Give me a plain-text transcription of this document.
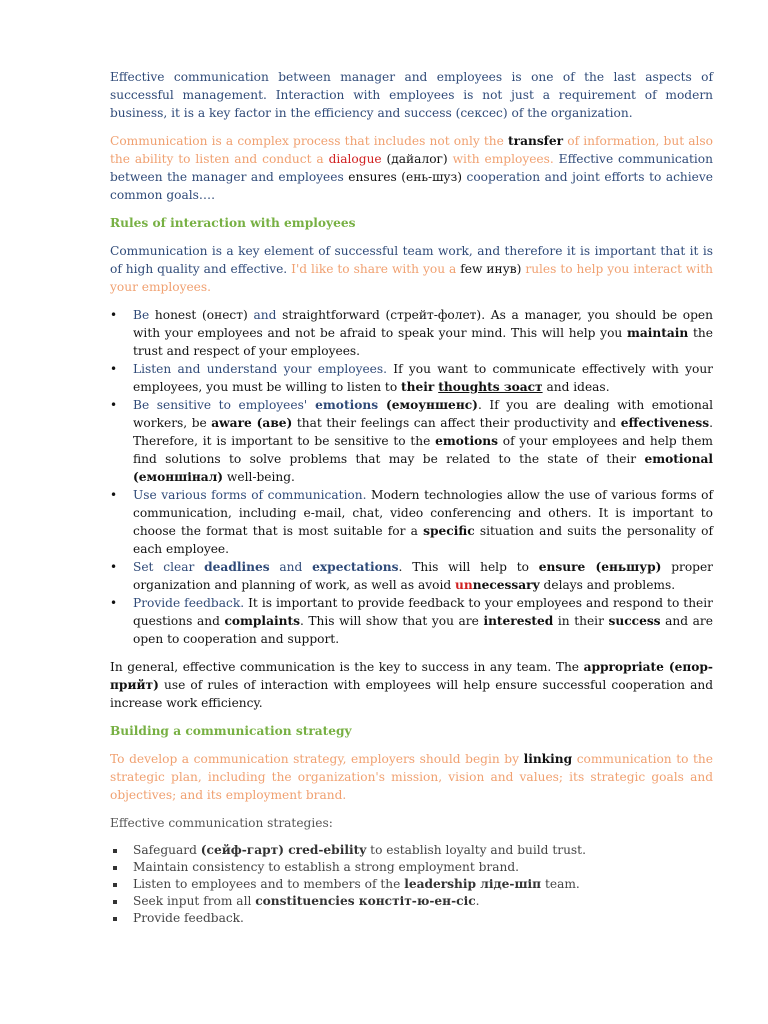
Effective communication between manager and employees is one of the last aspects of successful management. Interaction with employees is not just a requirement of modern business, it is a key factor in the efficiency and success (сексес) of the organization.

Communication is a complex process that includes not only the transfer of information, but also the ability to listen and conduct a dialogue (дайалог) with employees. Effective communication between the manager and employees ensures (ень-шуз) cooperation and joint efforts to achieve common goals….

Rules of interaction with employees

Communication is a key element of successful team work, and therefore it is important that it is of high quality and effective. I'd like to share with you a few инув) rules to help you interact with your employees.

• Be honest (онест) and straightforward (стрейт-фолет). As a manager, you should be open with your employees and not be afraid to speak your mind. This will help you maintain the trust and respect of your employees.
• Listen and understand your employees. If you want to communicate effectively with your employees, you must be willing to listen to their thoughts зоаст and ideas.
• Be sensitive to employees' emotions (емоуншенс). If you are dealing with emotional workers, be aware (аве) that their feelings can affect their productivity and effectiveness. Therefore, it is important to be sensitive to the emotions of your employees and help them find solutions to solve problems that may be related to the state of their emotional (емоншінал) well-being.
• Use various forms of communication. Modern technologies allow the use of various forms of communication, including e-mail, chat, video conferencing and others. It is important to choose the format that is most suitable for a specific situation and suits the personality of each employee.
• Set clear deadlines and expectations. This will help to ensure (еньшур) proper organization and planning of work, as well as avoid unnecessary delays and problems.
• Provide feedback. It is important to provide feedback to your employees and respond to their questions and complaints. This will show that you are interested in their success and are open to cooperation and support.

In general, effective communication is the key to success in any team. The appropriate (епор-прийт) use of rules of interaction with employees will help ensure successful cooperation and increase work efficiency.

Building a communication strategy

To develop a communication strategy, employers should begin by linking communication to the strategic plan, including the organization's mission, vision and values; its strategic goals and objectives; and its employment brand.

Effective communication strategies:

Safeguard (сейф-гарт) cred-ebility to establish loyalty and build trust.
Maintain consistency to establish a strong employment brand.
Listen to employees and to members of the leadership ліде-шіп team.
Seek input from all constituencies констіт-ю-ен-сіс.
Provide feedback.
